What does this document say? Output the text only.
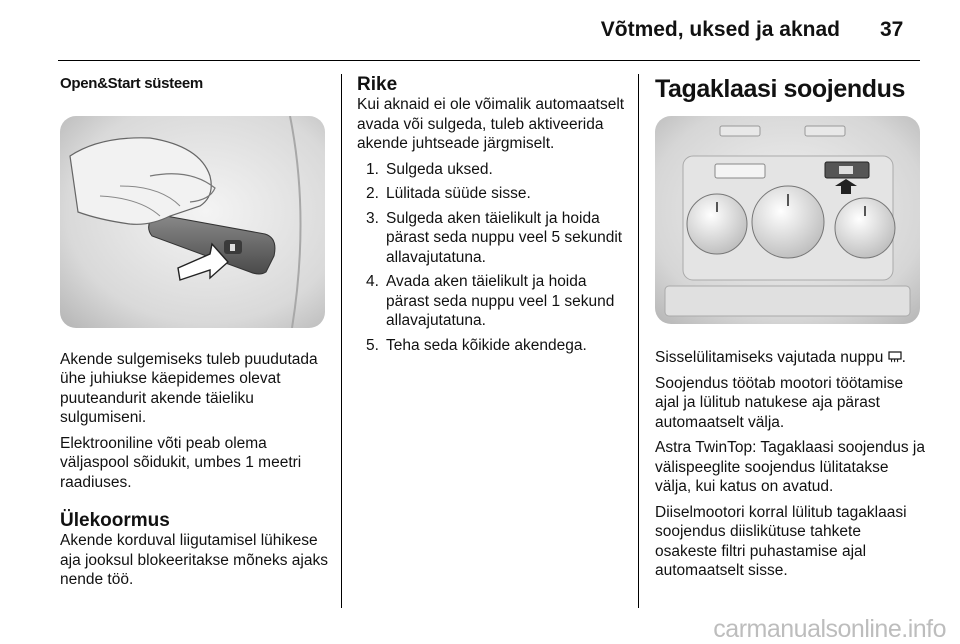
Võtmed, uksed ja aknad 37
Open&Start süsteem

Akende sulgemiseks tuleb puudutada ühe juhiukse käepidemes olevat puuteandurit akende täieliku sulgumiseni.

Elektrooniline võti peab olema väljaspool sõidukit, umbes 1 meetri raadiuses.

Ülekoormus

Akende korduval liigutamisel lühikese aja jooksul blokeeritakse mõneks ajaks nende töö.

Rike

Kui aknaid ei ole võimalik automaatselt avada või sulgeda, tuleb aktiveerida akende juhtseade järgmiselt.

1. Sulgeda uksed.
2. Lülitada süüde sisse.
3. Sulgeda aken täielikult ja hoida pärast seda nuppu veel 5 sekundit allavajutatuna.
4. Avada aken täielikult ja hoida pärast seda nuppu veel 1 sekund allavajutatuna.
5. Teha seda kõikide akendega.
Tagaklaasi soojendus

Sisselülitamiseks vajutada nuppu .

Soojendus töötab mootori töötamise ajal ja lülitub natukese aja pärast automaatselt välja.

Astra TwinTop: Tagaklaasi soojendus ja välispeeglite soojendus lülitatakse välja, kui katus on avatud.

Diiselmootori korral lülitub tagaklaasi soojendus diislikütuse tahkete osakeste filtri puhastamise ajal automaatselt sisse.

carmanualsonline.info
